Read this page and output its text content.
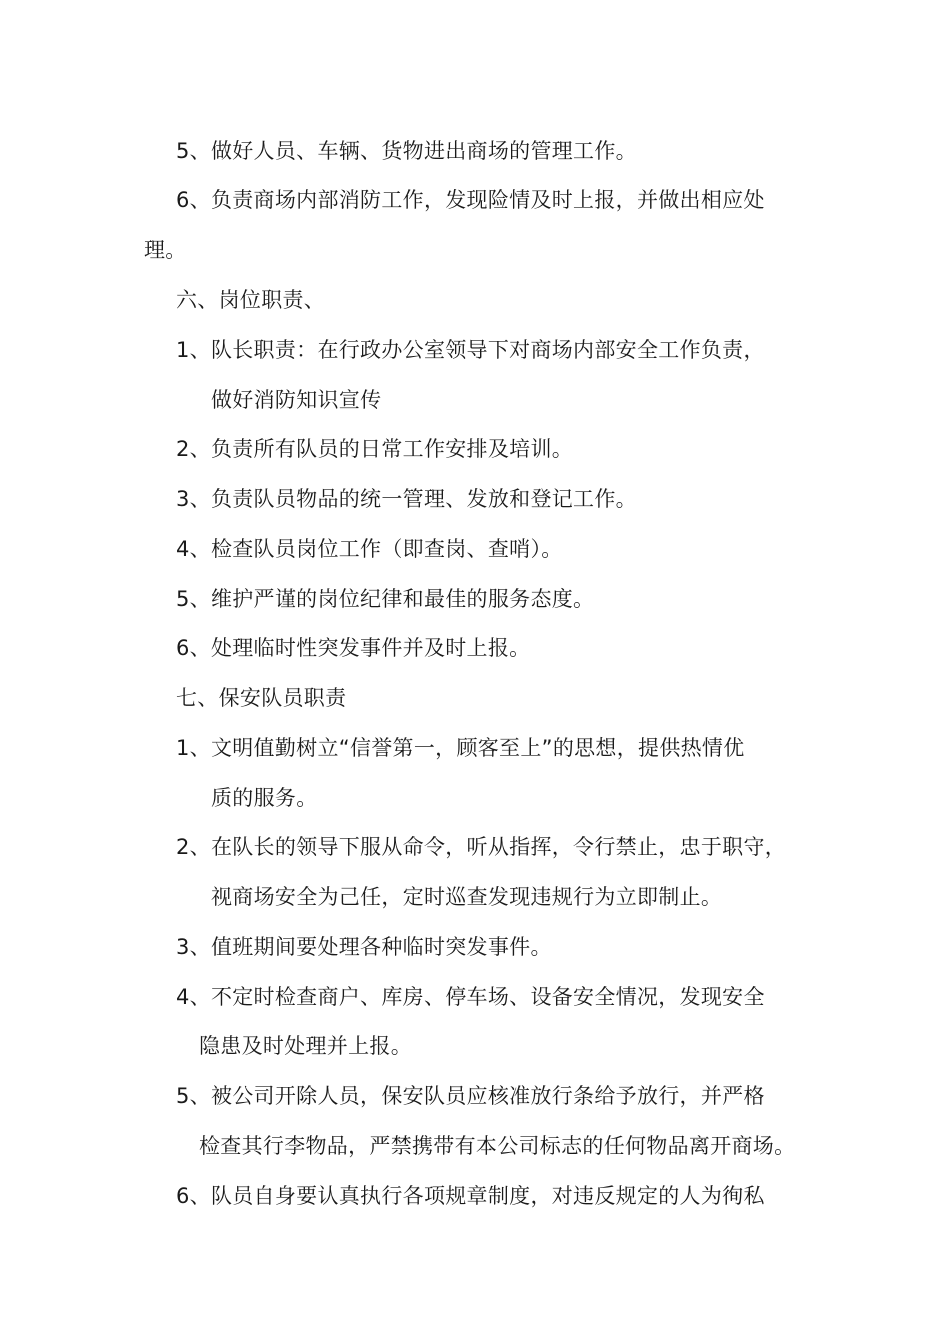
5、做好人员、车辆、货物进出商场的管理工作。
6、负责商场内部消防工作，发现险情及时上报，并做出相应处
理。
六、岗位职责、
1、队长职责：在行政办公室领导下对商场内部安全工作负责，
做好消防知识宣传
2、负责所有队员的日常工作安排及培训。
3、负责队员物品的统一管理、发放和登记工作。
4、检查队员岗位工作（即查岗、查哨）。
5、维护严谨的岗位纪律和最佳的服务态度。
6、处理临时性突发事件并及时上报。
七、保安队员职责
1、文明值勤树立“信誉第一，顾客至上”的思想，提供热情优
质的服务。
2、在队长的领导下服从命令，听从指挥，令行禁止，忠于职守，
视商场安全为己任，定时巡查发现违规行为立即制止。
3、值班期间要处理各种临时突发事件。
4、不定时检查商户、库房、停车场、设备安全情况，发现安全
隐患及时处理并上报。
5、被公司开除人员，保安队员应核准放行条给予放行，并严格
检查其行李物品，严禁携带有本公司标志的任何物品离开商场。
6、队员自身要认真执行各项规章制度，对违反规定的人为徇私
